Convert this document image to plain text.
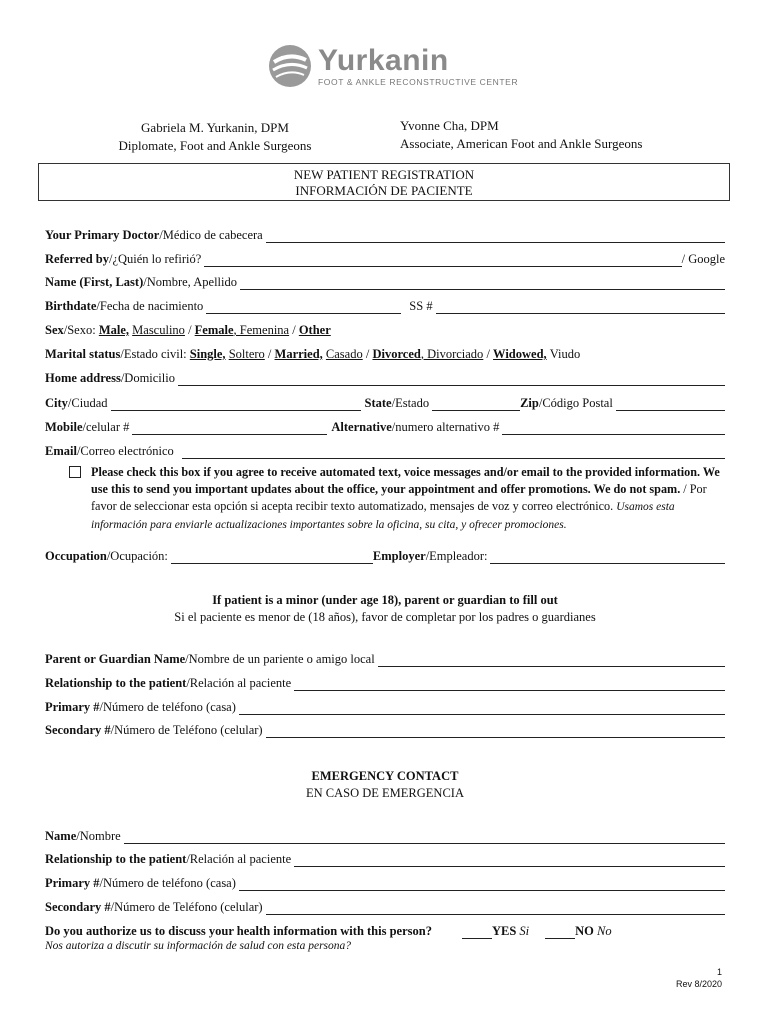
Yurkanin
FOOT & ANKLE RECONSTRUCTIVE CENTER
Gabriela M. Yurkanin, DPM
Diplomate, Foot and Ankle Surgeons
Yvonne Cha, DPM
Associate, American Foot and Ankle Surgeons
NEW PATIENT REGISTRATION
INFORMACIÓN DE PACIENTE
Your Primary Doctor /Médico de cabecera
Referred by /¿Quién lo refirió?	/ Google
Name (First, Last) /Nombre, Apellido
Birthdate /Fecha de nacimiento	SS #
Sex /Sexo:
Male,
Masculino / Female , Femenina / Other
Marital status /Estado civil:
Single,
Soltero / Married,
Casado / Divorced , Divorciado / Widowed,
Viudo
Home address /Domicilio
City /Ciudad	State /Estado	Zip /Código Postal
Mobile /celular #	Alternative /numero alternativo #
Email /Correo electrónico
Please check this box if you agree to receive automated text, voice messages and/or email to the provided information. We use this to send you important updates about the office, your appointment and offer promotions. We do not spam. / Por favor de seleccionar esta opción si acepta recibir texto automatizado, mensajes de voz y correo electrónico. Usamos esta información para enviarle actualizaciones importantes sobre la oficina, su cita, y ofrecer promociones.
Occupation /Ocupación:	Employer /Empleador:
If patient is a minor (under age 18), parent or guardian to fill out
Si el paciente es menor de (18 años), favor de completar por los padres o guardianes
Parent or Guardian Name /Nombre de un pariente o amigo local
Relationship to the patient /Relación al paciente
Primary # /Número de teléfono (casa)
Secondary # /Número de Teléfono (celular)
EMERGENCY CONTACT
EN CASO DE EMERGENCIA
Name /Nombre
Relationship to the patient /Relación al paciente
Primary # /Número de teléfono (casa)
Secondary # /Número de Teléfono (celular)
Do you authorize us to discuss your health information with this person?	YES
Si	NO
No
Nos autoriza a discutir su información de salud con esta persona?
1
Rev 8/2020
